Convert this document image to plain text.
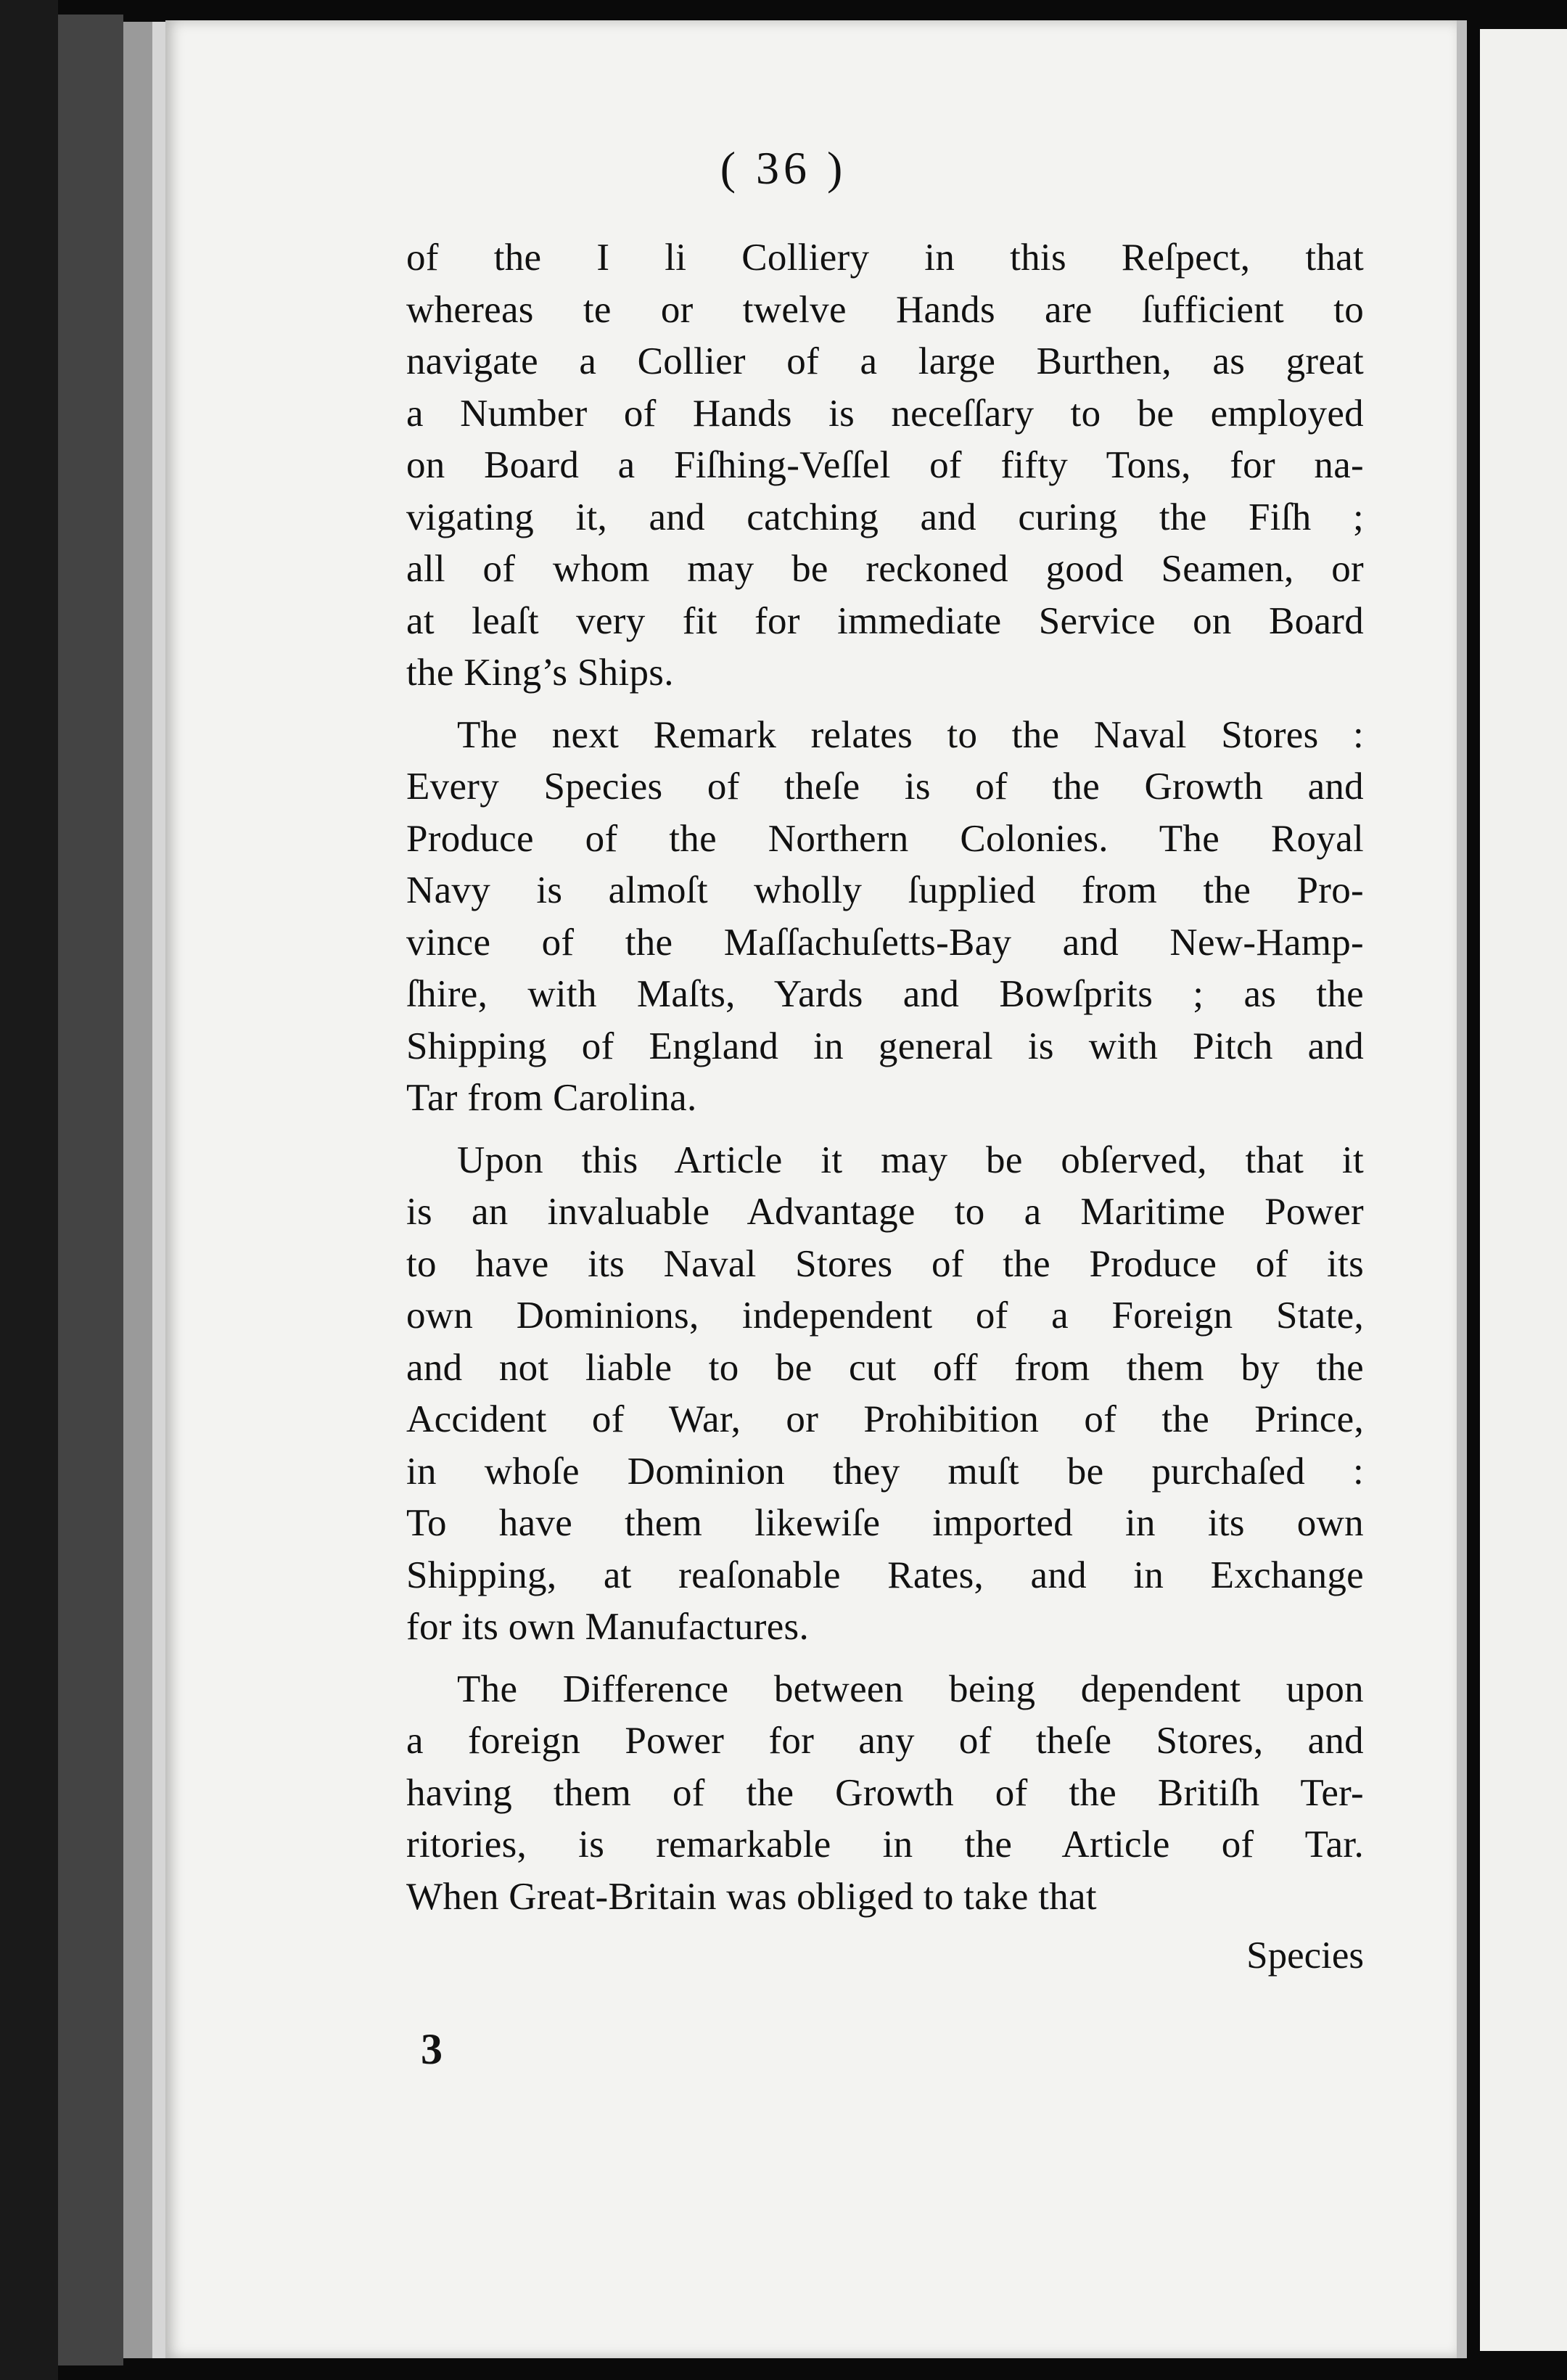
( 36 )
of the I li Colliery in this Reſpect, that
whereas te or twelve Hands are ſufficient to
navigate a Collier of a large Burthen, as great
a Number of Hands is neceſſary to be employed
on Board a Fiſhing-Veſſel of fifty Tons, for na-
vigating it, and catching and curing the Fiſh ;
all of whom may be reckoned good Seamen, or
at leaſt very fit for immediate Service on Board
the King’s Ships.
The next Remark relates to the Naval Stores :
Every Species of theſe is of the Growth and
Produce of the Northern Colonies. The Royal
Navy is almoſt wholly ſupplied from the Pro-
vince of the Maſſachuſetts-Bay and New-Hamp-
ſhire, with Maſts, Yards and Bowſprits ; as the
Shipping of England in general is with Pitch and
Tar from Carolina.
Upon this Article it may be obſerved, that it
is an invaluable Advantage to a Maritime Power
to have its Naval Stores of the Produce of its
own Dominions, independent of a Foreign State,
and not liable to be cut off from them by the
Accident of War, or Prohibition of the Prince,
in whoſe Dominion they muſt be purchaſed :
To have them likewiſe imported in its own
Shipping, at reaſonable Rates, and in Exchange
for its own Manufactures.
The Difference between being dependent upon
a foreign Power for any of theſe Stores, and
having them of the Growth of the Britiſh Ter-
ritories, is remarkable in the Article of Tar.
When Great-Britain was obliged to take that
Species
3
